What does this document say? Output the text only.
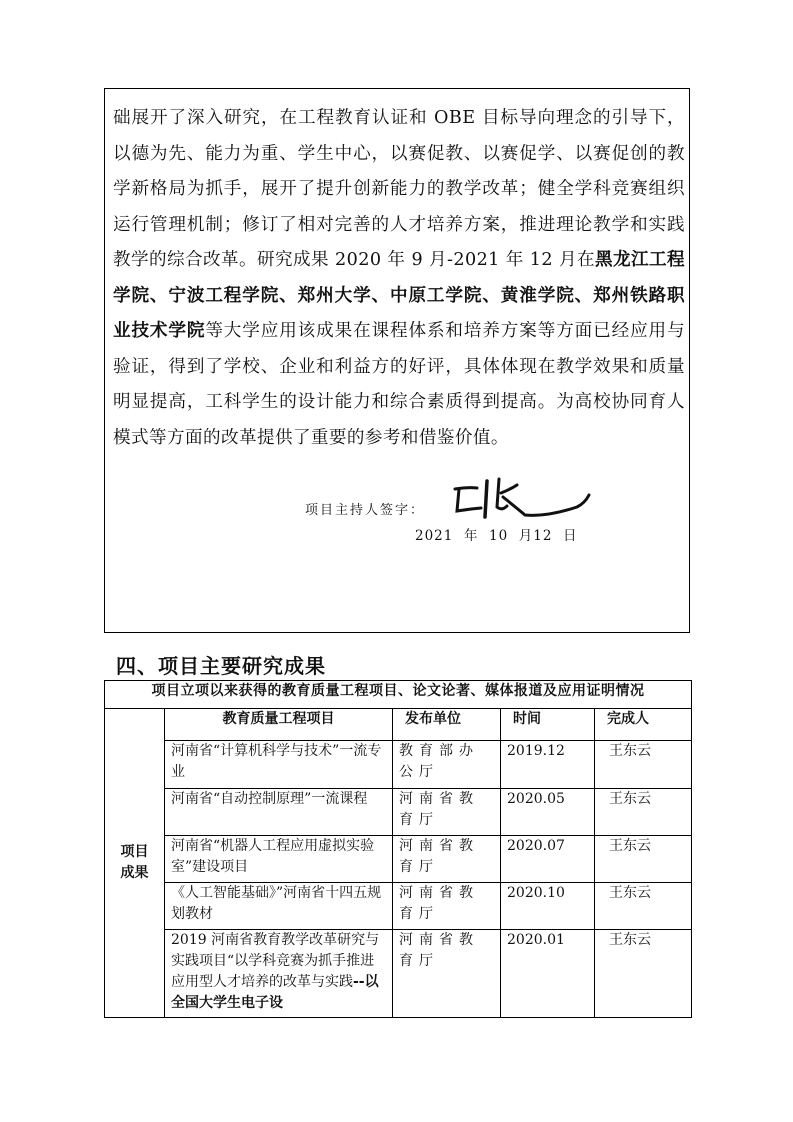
础展开了深入研究，在工程教育认证和 OBE 目标导向理念的引导下，以德为先、能力为重、学生中心，以赛促教、以赛促学、以赛促创的教学新格局为抓手，展开了提升创新能力的教学改革；健全学科竞赛组织运行管理机制；修订了相对完善的人才培养方案，推进理论教学和实践教学的综合改革。研究成果 2020 年 9 月-2021 年 12 月在黑龙江工程学院、宁波工程学院、郑州大学、中原工学院、黄淮学院、郑州铁路职业技术学院等大学应用该成果在课程体系和培养方案等方面已经应用与验证，得到了学校、企业和利益方的好评，具体体现在教学效果和质量明显提高，工科学生的设计能力和综合素质得到提高。为高校协同育人模式等方面的改革提供了重要的参考和借鉴价值。

项目主持人签字：
2021  年  10  月12  日
四、项目主要研究成果
项目立项以来获得的教育质量工程项目、论文论著、媒体报道及应用证明情况				

项目成果	教育质量工程项目	发布单位	时间	完成人
	河南省“计算机科学与技术”一流专业	教育部办公厅	2019.12	王东云
	河南省“自动控制原理”一流课程	河南省教育厅	2020.05	王东云
	河南省“机器人工程应用虚拟实验室”建设项目	河南省教育厅	2020.07	王东云
	《人工智能基础》”河南省十四五规划教材	河南省教育厅	2020.10	王东云
	2019 河南省教育教学改革研究与实践项目“以学科竞赛为抓手推进应用型人才培养的改革与实践--以全国大学生电子设	河南省教育厅	2020.01	王东云
